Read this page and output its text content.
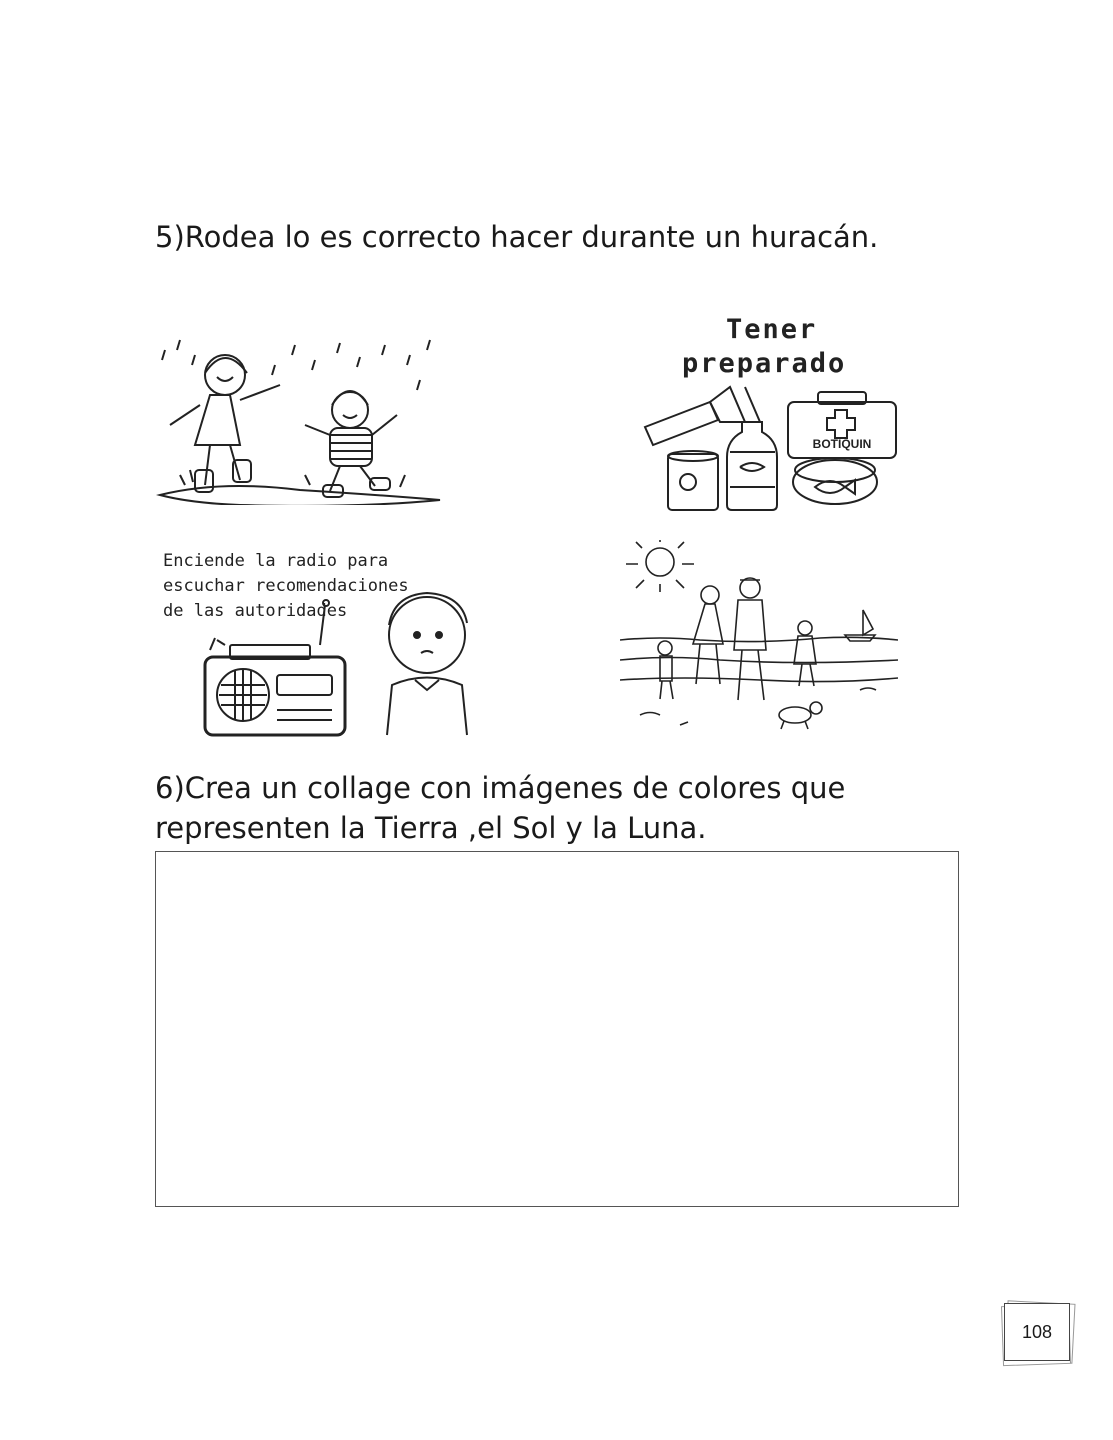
5)Rodea lo es correcto hacer durante un huracán.
Tener
preparado
BOTIQUIN
Enciende la radio para
escuchar recomendaciones
de las autoridades
6)Crea un collage con imágenes de colores que representen la Tierra ,el Sol y la Luna.
108
